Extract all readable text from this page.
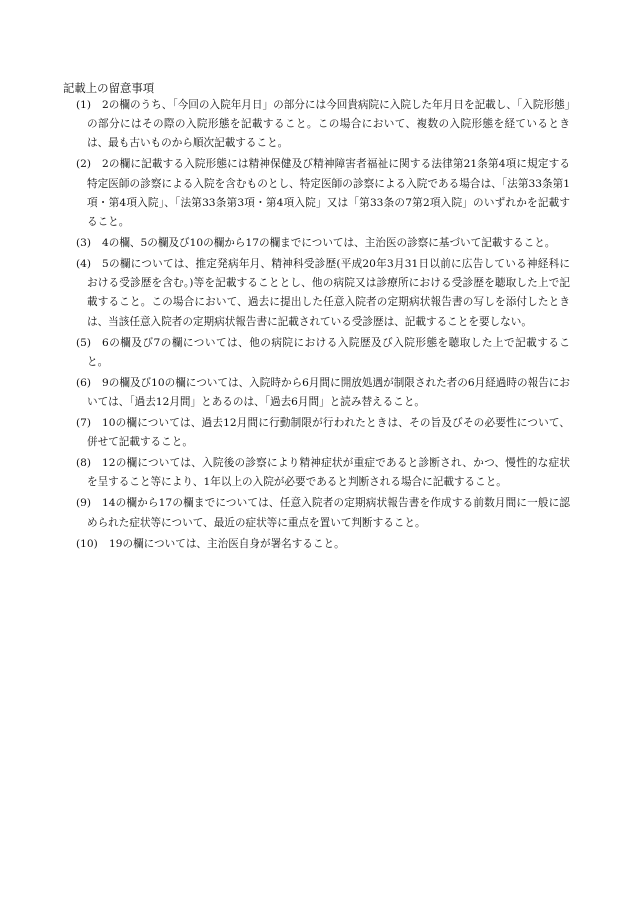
記載上の留意事項
(1) 2の欄のうち、「今回の入院年月日」の部分には今回貴病院に入院した年月日を記載し、「入院形態」の部分にはその際の入院形態を記載すること。この場合において、複数の入院形態を経ているときは、最も古いものから順次記載すること。
(2) 2の欄に記載する入院形態には精神保健及び精神障害者福祉に関する法律第21条第4項に規定する特定医師の診察による入院を含むものとし、特定医師の診察による入院である場合は、「法第33条第1項・第4項入院」、「法第33条第3項・第4項入院」又は「第33条の7第2項入院」のいずれかを記載すること。
(3) 4の欄、5の欄及び10の欄から17の欄までについては、主治医の診察に基づいて記載すること。
(4) 5の欄については、推定発病年月、精神科受診歴(平成20年3月31日以前に広告している神経科における受診歴を含む。)等を記載することとし、他の病院又は診療所における受診歴を聴取した上で記載すること。この場合において、過去に提出した任意入院者の定期病状報告書の写しを添付したときは、当該任意入院者の定期病状報告書に記載されている受診歴は、記載することを要しない。
(5) 6の欄及び7の欄については、他の病院における入院歴及び入院形態を聴取した上で記載すること。
(6) 9の欄及び10の欄については、入院時から6月間に開放処遇が制限された者の6月経過時の報告においては、「過去12月間」とあるのは、「過去6月間」と読み替えること。
(7) 10の欄については、過去12月間に行動制限が行われたときは、その旨及びその必要性について、併せて記載すること。
(8) 12の欄については、入院後の診察により精神症状が重症であると診断され、かつ、慢性的な症状を呈すること等により、1年以上の入院が必要であると判断される場合に記載すること。
(9) 14の欄から17の欄までについては、任意入院者の定期病状報告書を作成する前数月間に一般に認められた症状等について、最近の症状等に重点を置いて判断すること。
(10) 19の欄については、主治医自身が署名すること。
